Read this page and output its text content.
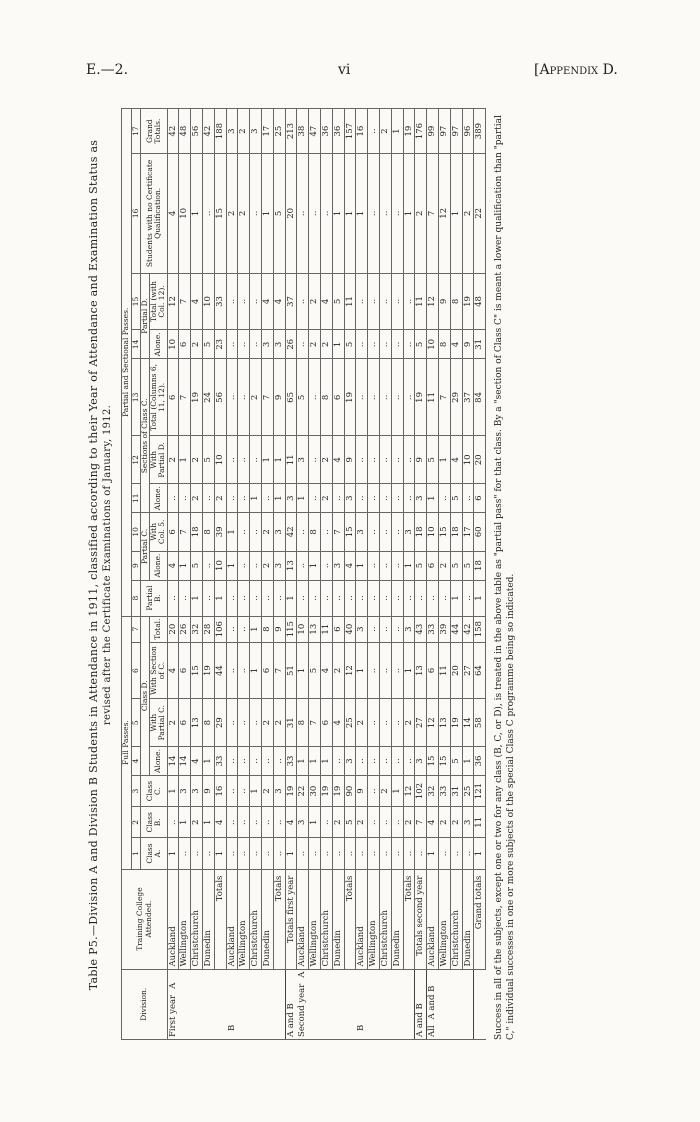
E.—2.	vi	[Appendix D.
Table P5.—Division A and Division B Students in Attendance in 1911, classified according to their Year of Attendance and Examination Status as revised after the Certificate Examinations of January, 1912.
Division.	Training College Attended.	Full Passes.							Partial and Sectional Passes.									
		1	2	3	4	5	6	7	8	9	10	11	12	13	14	15	16	17
		Class A.	Class B.	Class C.	Class D.				Partial B.	Partial C.		Sections of Class C.			Partial D.		Students with no Certificate Qualification.	Grand Totals.
					Alone.	With Partial C.	With Section of C.	Total.		Alone.	With Col. 5.	Alone.	With Partial D.	Total (Columns 6, 11, 12).	Alone.	Total (with Col. 12).		
First yearA	Auckland	1	..	1	14	2	4	20	..	4	6	..	2	6	10	12	4	42
	Wellington	..	1	3	14	6	6	26	..	1	7	..	1	7	6	7	10	48
	Christchurch	..	2	3	4	13	15	32	1	5	18	2	2	19	2	4	1	56
	Dunedin	..	1	9	1	8	19	28	..	..	8	..	5	24	5	10	..	42
	Totals	1	4	16	33	29	44	106	1	10	39	2	10	56	23	33	15	188
B	Auckland	..	..	..	..	..	..	..	..	1	1	..	..	..	..	..	2	3
	Wellington	..	..	..	..	..	..	..	..	..	..	..	..	..	..	..	2	2
	Christchurch	..	..	1	..	..	1	1	..	..	..	1	..	2	..	..	..	3
	Dunedin	..	..	2	..	2	6	8	..	2	2	..	1	7	3	4	1	17
	Totals	..	..	3	..	2	7	9	..	3	3	1	1	9	3	4	5	25
A and B	Totals first year	1	4	19	33	31	51	115	1	13	42	3	11	65	26	37	20	213
Second yearA	Auckland	..	3	22	1	8	1	10	..	..	..	1	3	5	..	..	..	38
	Wellington	..	1	30	1	7	5	13	..	1	8	..	..	..	2	2	..	47
	Christchurch	..	..	19	1	6	4	11	..	..	..	2	2	8	2	4	..	36
	Dunedin	..	2	19	..	4	2	6	..	3	7	..	4	6	1	5	1	36
	Totals	..	5	90	3	25	12	40	..	4	15	3	9	19	5	11	1	157
B	Auckland	..	2	9	..	2	1	3	..	1	3	..	..	..	..	..	1	16
	Wellington	..	..	..	..	..	..	..	..	..	..	..	..	..	..	..	..	..
	Christchurch	..	..	2	..	..	..	..	..	..	..	..	..	..	..	..	..	2
	Dunedin	..	..	1	..	..	..	..	..	..	..	..	..	..	..	..	..	1
	Totals	..	2	12	..	2	1	3	..	1	3	..	..	..	..	..	1	19
A and B	Totals second year	..	7	102	3	27	13	43	..	5	18	3	9	19	5	11	2	176
AllA and B	Auckland	1	4	32	15	12	6	33	..	6	10	1	5	11	10	12	7	99
	Wellington	..	2	33	15	13	11	39	..	2	15	..	1	7	8	9	12	97
	Christchurch	..	2	31	5	19	20	44	1	5	18	5	4	29	4	8	1	97
	Dunedin	..	3	25	1	14	27	42	..	5	17	..	10	37	9	19	2	96
	Grand totals	1	11	121	36	58	64	158	1	18	60	6	20	84	31	48	22	389 Success in all of the subjects, except one or two for any class (B, C, or D), is treated in the above table as "partial pass" for that class. By a "section of Class C" is meant a lower qualification than "partial C," individual successes in one or more subjects of the special Class C programme being so indicated.
